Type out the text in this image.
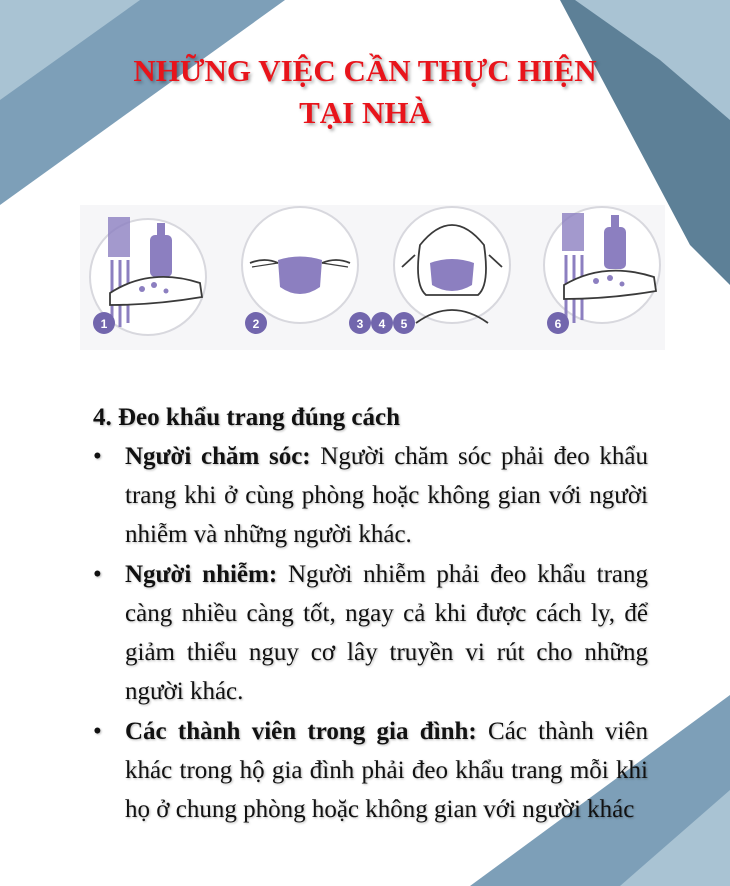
NHỮNG VIỆC CẦN THỰC HIỆN
TẠI NHÀ
1	2	3 4 5	6
4. Đeo khẩu trang đúng cách
• Người chăm sóc: Người chăm sóc phải đeo khẩu trang khi ở cùng phòng hoặc không gian với người nhiễm và những người khác.
• Người nhiễm: Người nhiễm phải đeo khẩu trang càng nhiều càng tốt, ngay cả khi được cách ly, để giảm thiểu nguy cơ lây truyền vi rút cho những người khác.
• Các thành viên trong gia đình: Các thành viên khác trong hộ gia đình phải đeo khẩu trang mỗi khi họ ở chung phòng hoặc không gian với người khác
